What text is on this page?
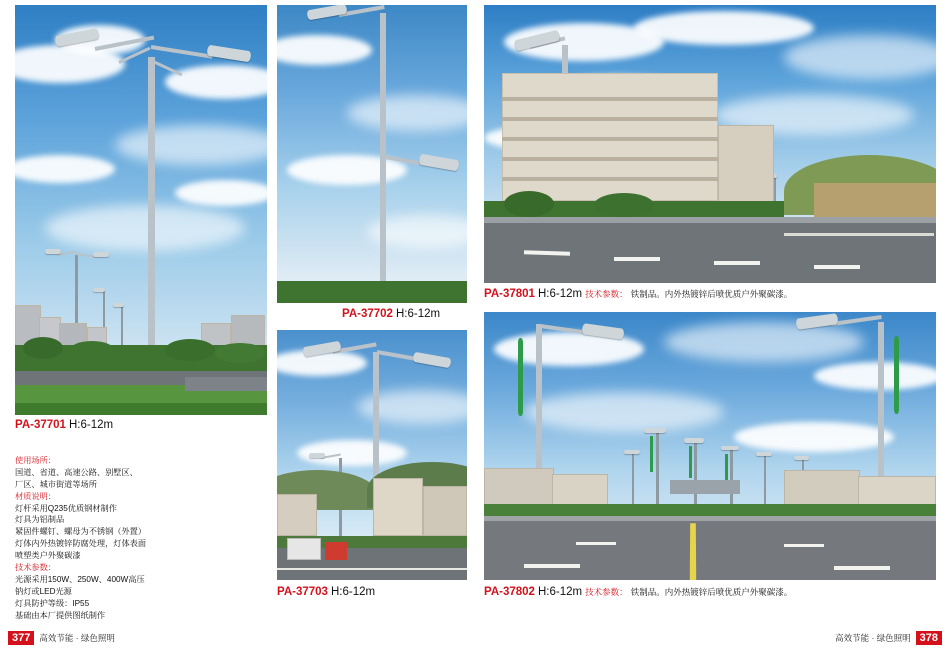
PA-37701 H:6-12m
使用场所：
国道、省道、高速公路、别墅区、
厂区、城市街道等场所
材质说明：
灯杆采用Q235优质钢材制作
灯具为铝制品
紧固件螺钉、螺母为不锈钢（外置）
灯体内外热镀锌防腐处理，灯体表面
喷塑类户外聚碳漆
技术参数：
光源采用150W、250W、400W高压
钠灯或LED光源
灯具防护等级：IP55
基础由本厂提供图纸制作
PA-37702 H:6-12m
PA-37703 H:6-12m
PA-37801 H:6-12m 技术参数： 铁制品。内外热镀锌后喷优质户外聚碳漆。
PA-37802 H:6-12m 技术参数： 铁制品。内外热镀锌后喷优质户外聚碳漆。
377	高效节能 · 绿色照明	378
高效节能 · 绿色照明
